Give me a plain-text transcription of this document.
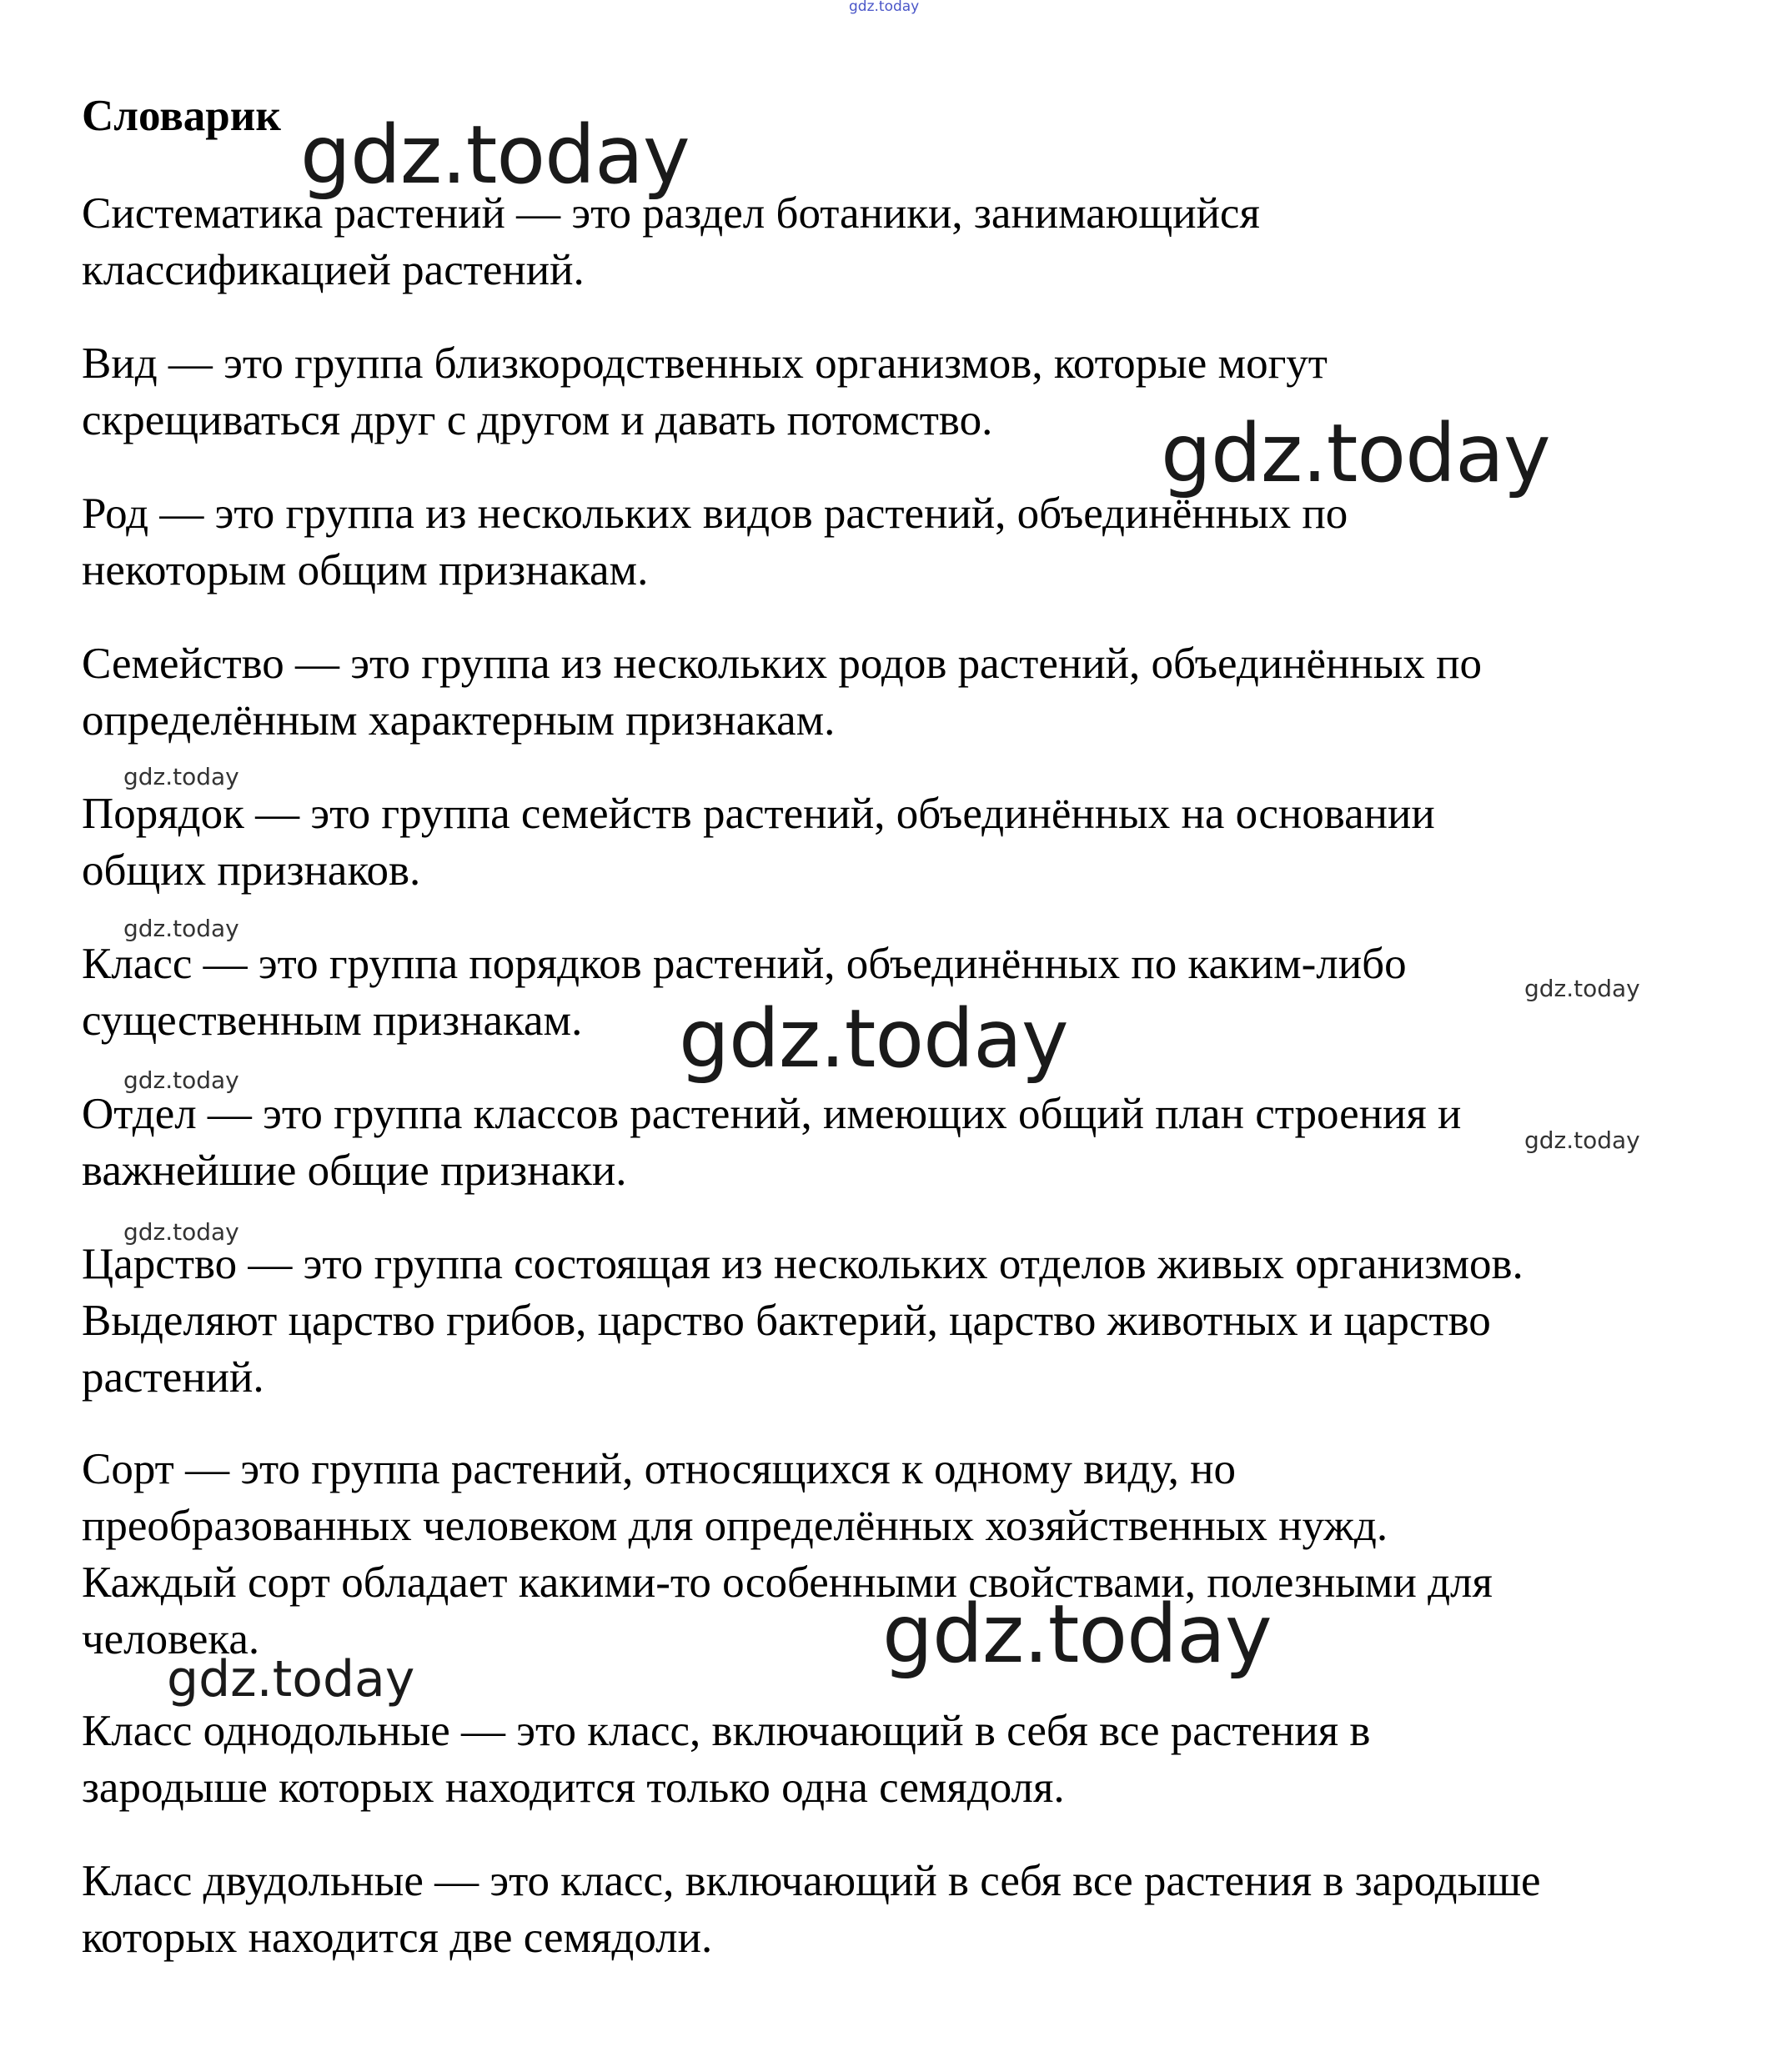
gdz.today
Словарик
Систематика растений — это раздел ботаники, занимающийся
классификацией растений.
Вид — это группа близкородственных организмов, которые могут
скрещиваться друг с другом и давать потомство.
Род — это группа из нескольких видов растений, объединённых по
некоторым общим признакам.
Семейство — это группа из нескольких родов растений, объединённых по
определённым характерным признакам.
Порядок — это группа семейств растений, объединённых на основании
общих признаков.
Класс — это группа порядков растений, объединённых по каким-либо
существенным признакам.
Отдел — это группа классов растений, имеющих общий план строения и
важнейшие общие признаки.
Царство — это группа состоящая из нескольких отделов живых организмов.
Выделяют царство грибов, царство бактерий, царство животных и царство
растений.
Сорт — это группа растений, относящихся к одному виду, но
преобразованных человеком для определённых хозяйственных нужд.
Каждый сорт обладает какими-то особенными свойствами, полезными для
человека.
Класс однодольные — это класс, включающий в себя все растения в
зародыше которых находится только одна семядоля.
Класс двудольные — это класс, включающий в себя все растения в зародыше
которых находится две семядоли.
gdz.today
gdz.today
gdz.today
gdz.today
gdz.today
gdz.today
gdz.today
gdz.today
gdz.today
gdz.today
gdz.today
